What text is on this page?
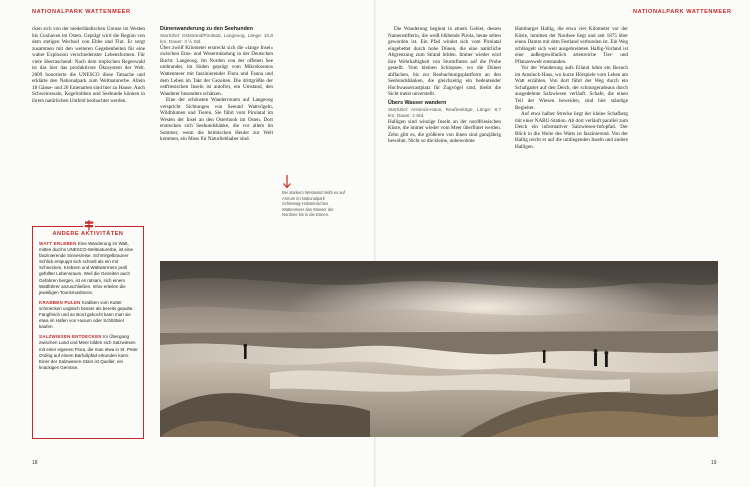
NATIONALPARK WATTENMEER	NATIONALPARK WATTENMEER

cken sich von der niederländischen Grenze im Westen bis Cuxhaven im Osten. Geprägt wird die Region von dem stetigen Wechsel von Ebbe und Flut. Er sorgt zusammen mit den weiteren Gegebenheiten für eine wahre Explosion verschiedenster Lebensformen. Für viele überraschend: Nach dem tropischen Regenwald ist das hier das produktivste Ökosystem der Welt. 2009 honorierte die UNESCO diese Tatsache und erklärte den Nationalpark zum Weltnaturerbe. Allein 18 Gänse- und 20 Entenarten sind hier zu Hause. Auch Schweinswale, Kegelrobben und Seehunde können in ihrem natürlichen Umfeld beobachtet werden.

ANDERE AKTIVITÄTEN

WATT ERLEBEN Eine Wanderung im Watt, mitten durchs UNESCO-Weltnaturerbe, ist eine faszinierende Sinnesreise. Schmirgelbrauner Schlick entpuppt sich schnell als ein mit Schnecken, Krebsen und Wattwürmern prall gefüllter Lebensraum. Weil die Gezeiten auch Gefahren bergen, ist es ratsam, sich einem Wattführer anzuschließen. Infos erteilen die jeweiligen Tourismusbüros.

KRABBEN PULEN Krabben vom Kutter schmecken ungleich besser als bereits gepulte. Fangfrisch und an Bord gekocht kann man sie etwa im Hafen von Husum oder Schlüttsiel kaufen.

SALZWIESEN ENTDECKEN Im Übergang zwischen Land und Meer bilden sich Salzwiesen mit einer eigenen Flora, die man etwa in St. Peter Ording auf einem Barfußpfad erkunden kann. Einer der Salzwiesen-Stars ist Queller, ein knackiges Gemüse.

Dünenwanderung zu den Seehunden
Start/Ziel: Oststrand/Pirolatal, Langeoog, Länge: 10,8 km, Dauer: 3 ½ Std.

Über zwölf Kilometer erstreckt sich die »lange Insel« zwischen Ems- und Wesermündung in der Deutschen Bucht: Langeoog. Im Norden von der offenen See umbrandet, im Süden geprägt vom Mikrokosmos Wattenmeer mit faszinierender Flora und Fauna und dem Leben im Takt der Gezeiten. Die drittgrößte der ostfriesischen Inseln ist autofrei, ein Umstand, den Wanderer besonders schätzen.

Eine der schönsten Wanderrouten auf Langeoog verspricht Sichtungen von Seeund Wattvögeln, Wildblumen und Tieren. Sie führt vom Pirolatal im Westen der Insel an den Osterhook im Osten. Dort erstrecken sich Seehundsbänke, die vor allem im Sommer, wenn die heimischen Heuler zur Welt kommen, ein Muss für Naturliebhaber sind.

Bei starkem Westwind treibt es auf Amrum im Nationalpark Schleswig-Holsteinisches Wattenmeer das Wasser der Nordsee bis in die Dünen.

Die Wanderung beginnt in einem Gebiet, dessen Namenstifterin, die weiß blühende Pirola, heute selten geworden ist. Ein Pfad windet sich vom Pirolatal eingebettet durch hohe Dünen, die eine natürliche Abgrenzung zum Strand bilden. Immer wieder wird ihre Wehrhaftigkeit von Sturmfluten auf die Probe gestellt. Vom kleinen Schlopsee, wo die Dünen abflachen, bis zur Beobachtungsplattform an den Seehundsbänken, die gleichzeitig ein bedeutender Hochwasserrastplatz für Zugvögel sind, bleibt die Sicht meist unverstellt.

Übers Wasser wandern
Start/Ziel: Amsinck-Haus, Reußenköge, Länge: 8,7 km, Dauer: 2 Std.

Halligen sind winzige Inseln an der nordfriesischen Küste, die immer wieder vom Meer überflutet werden. Zehn gibt es, die größeren von ihnen sind ganzjährig bewohnt. Nicht so die kleine, unbewohnte

Hamburger Hallig, die etwa vier Kilometer vor der Küste, inmitten der Nordsee liegt und seit 1875 über einen Damm mit dem Festland verbunden ist. Ein Weg schlängelt sich weit ausgebreiteten Hallig-Vorland ist eine außergewöhnlich artenreiche Tier- und Pflanzenwelt entstanden.

Vor der Wanderung aufs Eiland lohnt ein Besuch im Amsinck-Haus, wo kurze Hörspiele vom Leben am Watt erzählen. Von dort führt der Weg durch ein Schafgatter auf den Deich, der schnurgeradeaus durch ausgedehnte Salzwiesen verläuft. Schafe, die einen Teil der Wiesen beweiden, sind hier ständige Begleiter.

Auf etwa halber Strecke liegt der kleine Schafberg mit einer NABU-Station. Ab dort verläuft parallel zum Deich ein informativer Salzwiesen-Infopfad. Der Blick in die Weite des Watts ist faszinierend. Von der Hallig reicht er auf die umliegenden Inseln und andere Halligen.

18	19
